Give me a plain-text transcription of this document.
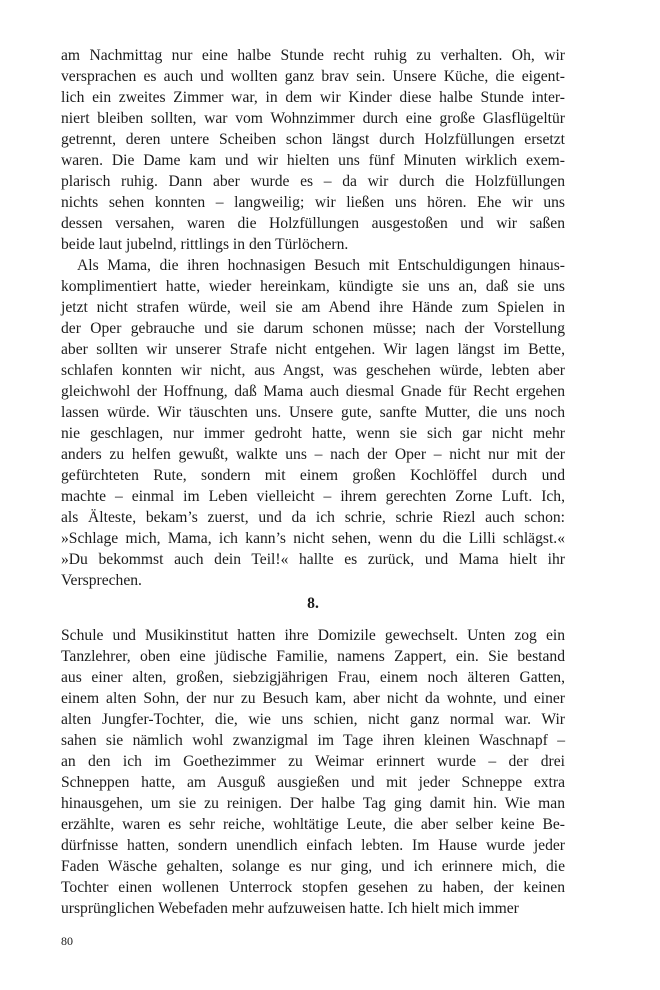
am Nachmittag nur eine halbe Stunde recht ruhig zu verhalten. Oh, wir
versprachen es auch und wollten ganz brav sein. Unsere Küche, die eigent-
lich ein zweites Zimmer war, in dem wir Kinder diese halbe Stunde inter-
niert bleiben sollten, war vom Wohnzimmer durch eine große Glasflügeltür
getrennt, deren untere Scheiben schon längst durch Holzfüllungen ersetzt
waren. Die Dame kam und wir hielten uns fünf Minuten wirklich exem-
plarisch ruhig. Dann aber wurde es – da wir durch die Holzfüllungen
nichts sehen konnten – langweilig; wir ließen uns hören. Ehe wir uns
dessen versahen, waren die Holzfüllungen ausgestoßen und wir saßen
beide laut jubelnd, rittlings in den Türlöchern.
Als Mama, die ihren hochnasigen Besuch mit Entschuldigungen hinaus-
komplimentiert hatte, wieder hereinkam, kündigte sie uns an, daß sie uns
jetzt nicht strafen würde, weil sie am Abend ihre Hände zum Spielen in
der Oper gebrauche und sie darum schonen müsse; nach der Vorstellung
aber sollten wir unserer Strafe nicht entgehen. Wir lagen längst im Bette,
schlafen konnten wir nicht, aus Angst, was geschehen würde, lebten aber
gleichwohl der Hoffnung, daß Mama auch diesmal Gnade für Recht ergehen
lassen würde. Wir täuschten uns. Unsere gute, sanfte Mutter, die uns noch
nie geschlagen, nur immer gedroht hatte, wenn sie sich gar nicht mehr
anders zu helfen gewußt, walkte uns – nach der Oper – nicht nur mit der
gefürchteten Rute, sondern mit einem großen Kochlöffel durch und
machte – einmal im Leben vielleicht – ihrem gerechten Zorne Luft. Ich,
als Älteste, bekam’s zuerst, und da ich schrie, schrie Riezl auch schon:
»Schlage mich, Mama, ich kann’s nicht sehen, wenn du die Lilli schlägst.«
»Du bekommst auch dein Teil!« hallte es zurück, und Mama hielt ihr
Versprechen.
8.
Schule und Musikinstitut hatten ihre Domizile gewechselt. Unten zog ein
Tanzlehrer, oben eine jüdische Familie, namens Zappert, ein. Sie bestand
aus einer alten, großen, siebzigjährigen Frau, einem noch älteren Gatten,
einem alten Sohn, der nur zu Besuch kam, aber nicht da wohnte, und einer
alten Jungfer-Tochter, die, wie uns schien, nicht ganz normal war. Wir
sahen sie nämlich wohl zwanzigmal im Tage ihren kleinen Waschnapf –
an den ich im Goethezimmer zu Weimar erinnert wurde – der drei
Schneppen hatte, am Ausguß ausgießen und mit jeder Schneppe extra
hinausgehen, um sie zu reinigen. Der halbe Tag ging damit hin. Wie man
erzählte, waren es sehr reiche, wohltätige Leute, die aber selber keine Be-
dürfnisse hatten, sondern unendlich einfach lebten. Im Hause wurde jeder
Faden Wäsche gehalten, solange es nur ging, und ich erinnere mich, die
Tochter einen wollenen Unterrock stopfen gesehen zu haben, der keinen
ursprünglichen Webefaden mehr aufzuweisen hatte. Ich hielt mich immer
80
